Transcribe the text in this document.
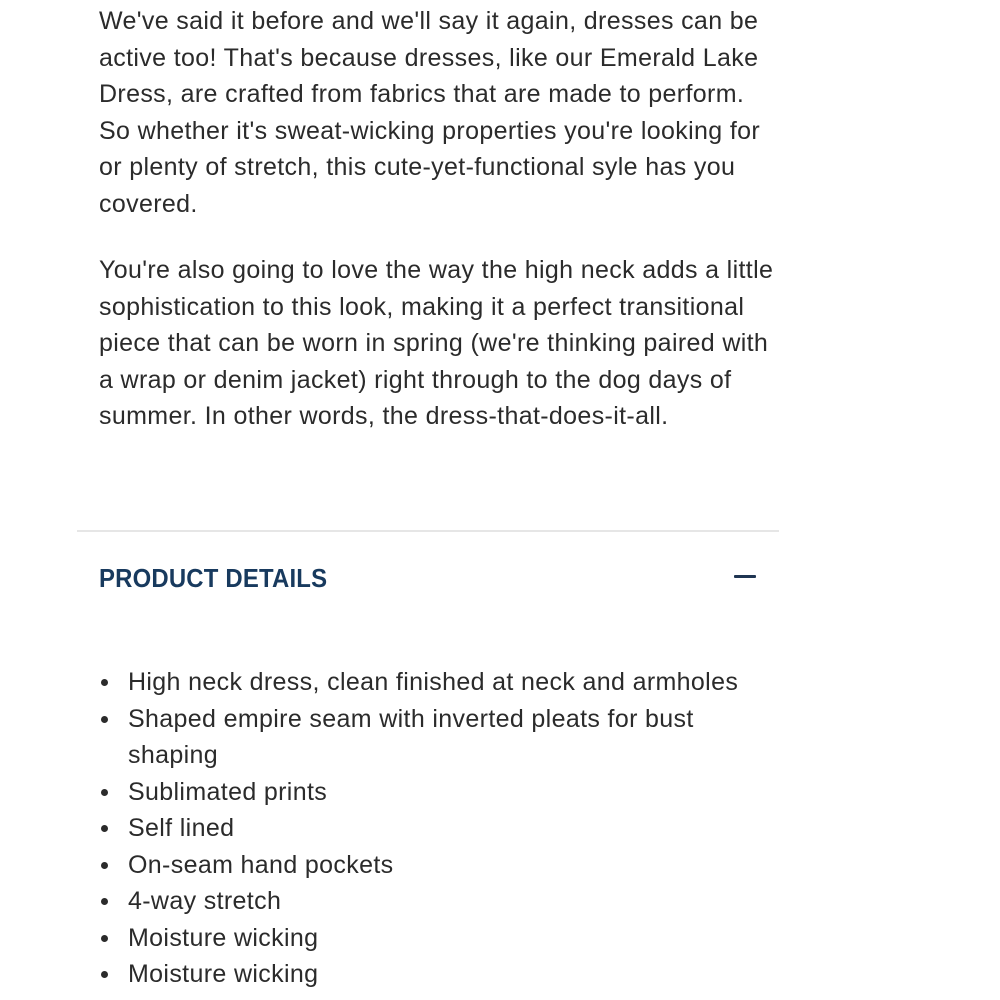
We've said it before and we'll say it again, dresses can be active too! That's because dresses, like our Emerald Lake Dress, are crafted from fabrics that are made to perform. So whether it's sweat-wicking properties you're looking for or plenty of stretch, this cute-yet-functional syle has you covered.

You're also going to love the way the high neck adds a little sophistication to this look, making it a perfect transitional piece that can be worn in spring (we're thinking paired with a wrap or denim jacket) right through to the dog days of summer. In other words, the dress-that-does-it-all.

PRODUCT DETAILS
High neck dress, clean finished at neck and armholes
Shaped empire seam with inverted pleats for bust shaping
Sublimated prints
Self lined
On-seam hand pockets
4-way stretch
Moisture wicking
Moisture wicking
